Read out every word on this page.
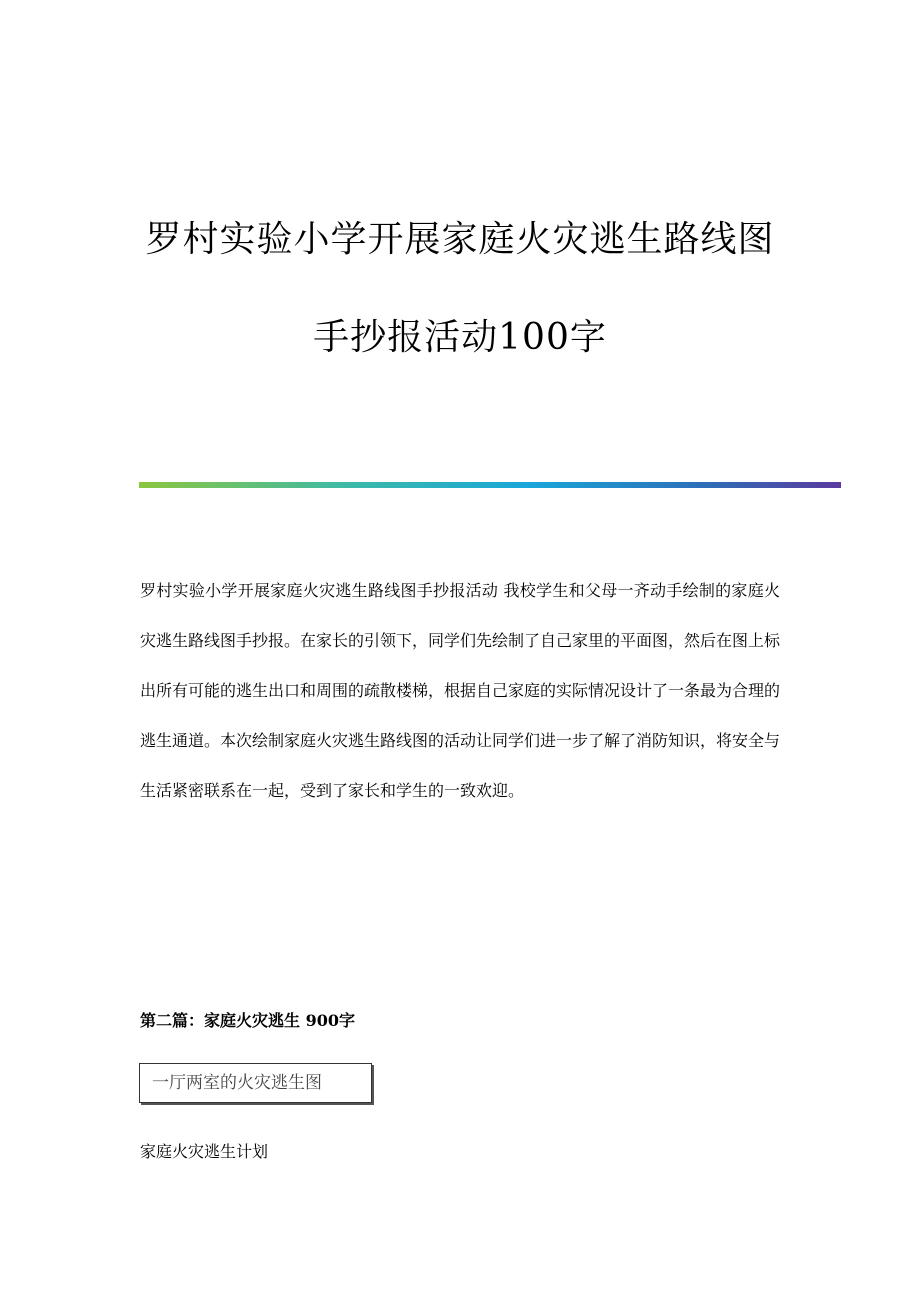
罗村实验小学开展家庭火灾逃生路线图
手抄报活动100字

罗村实验小学开展家庭火灾逃生路线图手抄报活动 我校学生和父母一齐动手绘制的家庭火灾逃生路线图手抄报。在家长的引领下，同学们先绘制了自己家里的平面图，然后在图上标出所有可能的逃生出口和周围的疏散楼梯，根据自己家庭的实际情况设计了一条最为合理的逃生通道。本次绘制家庭火灾逃生路线图的活动让同学们进一步了解了消防知识，将安全与生活紧密联系在一起，受到了家长和学生的一致欢迎。

第二篇：家庭火灾逃生 900字

一厅两室的火灾逃生图

家庭火灾逃生计划
